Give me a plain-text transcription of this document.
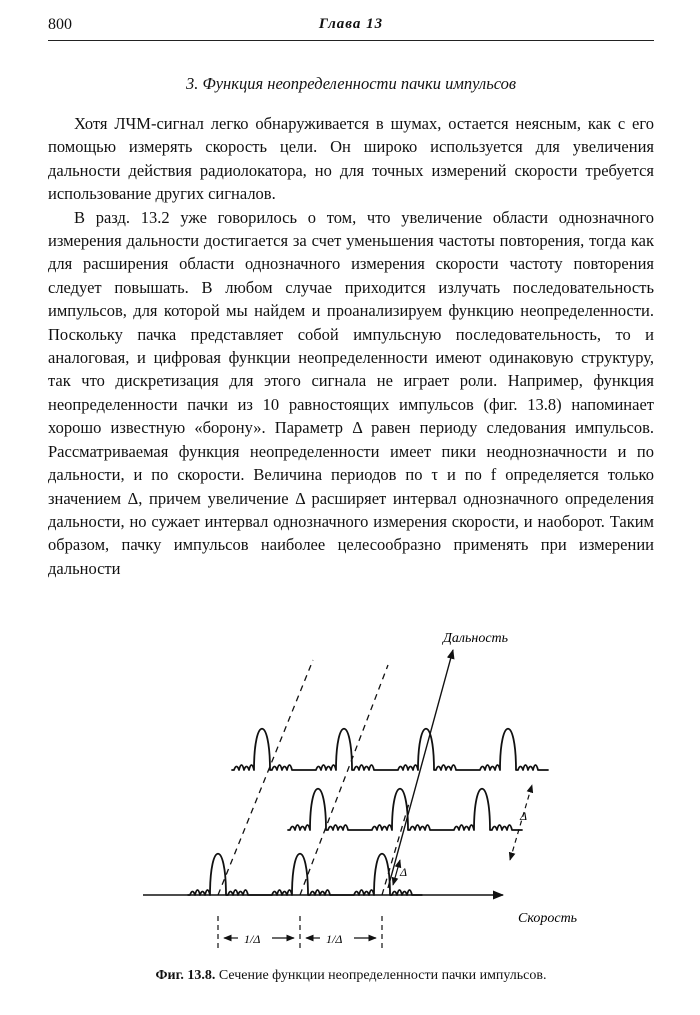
800	Глава 13
3. Функция неопределенности пачки импульсов

Хотя ЛЧМ-сигнал легко обнаруживается в шумах, остается неясным, как с его помощью измерять скорость цели. Он широко используется для увеличения дальности действия радиолокатора, но для точных измерений скорости требуется использование других сигналов.

В разд. 13.2 уже говорилось о том, что увеличение области однозначного измерения дальности достигается за счет уменьшения частоты повторения, тогда как для расширения области однозначного измерения скорости частоту повторения следует повышать. В любом случае приходится излучать последовательность импульсов, для которой мы найдем и проанализируем функцию неопределенности. Поскольку пачка представляет собой импульсную последовательность, то и аналоговая, и цифровая функции неопределенности имеют одинаковую структуру, так что дискретизация для этого сигнала не играет роли. Например, функция неопределенности пачки из 10 равностоящих импульсов (фиг. 13.8) напоминает хорошо известную «борону». Параметр Δ равен периоду следования импульсов. Рассматриваемая функция неопределенности имеет пики неоднозначности и по дальности, и по скорости. Величина периодов по τ и по f определяется только значением Δ, причем увеличение Δ расширяет интервал однозначного определения дальности, но сужает интервал однозначного измерения скорости, и наоборот. Таким образом, пачку импульсов наиболее целесообразно применять при измерении дальности

Дальность
Скорость
Δ
Δ
1/Δ	1/Δ
Фиг. 13.8. Сечение функции неопределенности пачки импульсов.
